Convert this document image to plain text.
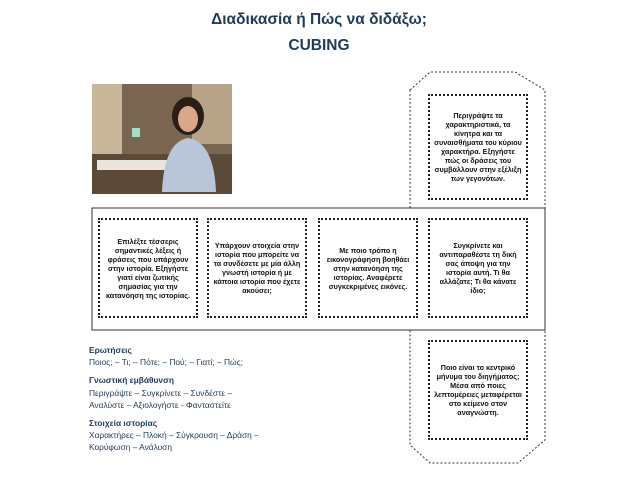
Διαδικασία ή Πώς να διδάξω;
CUBING
Περιγράψτε τα χαρακτηριστικά, τα κίνητρα και τα συναισθήματα του κύριου χαρακτήρα. Εξηγήστε πώς οι δράσεις του συμβάλλουν στην εξέλιξη των γεγονότων.
Επιλέξτε τέσσερις σημαντικές λέξεις ή φράσεις που υπάρχουν στην ιστορία. Εξηγήστε γιατί είναι ζωτικής σημασίας για την κατανόηση της ιστορίας.
Υπάρχουν στοιχεία στην ιστορία που μπορείτε να τα συνδέσετε με μία άλλη γνωστή ιστορία ή με κάποια ιστορία που έχετε ακούσει;
Με ποιο τρόπο η εικονογράφηση βοηθάει στην κατανόηση της ιστορίας. Αναφέρετε συγκεκριμένες εικόνες.
Συγκρίνετε και αντιπαραθέστε τη δική σας άποψη για την ιστορία αυτή. Τι θα αλλάζατε; Τι θα κάνατε ίδιο;
Ποιο είναι το κεντρικό μήνυμα του διηγήματος; Μέσα από ποιες λεπτομέρειες μεταφέρεται στο κείμενο στον αναγνώστη.
Ερωτήσεις
Ποιος; – Τι; – Πότε; – Πού; – Γιατί; – Πώς;
Γνωστική εμβάθυνση
Περιγράψτε – Συγκρίνετε – Συνδέστε –
Αναλύστε – Αξιολογήστε - Φανταστείτε
Στοιχεία ιστορίας
Χαρακτήρες – Πλοκή – Σύγκρουση – Δράση –
Κορύφωση – Ανάλυση
